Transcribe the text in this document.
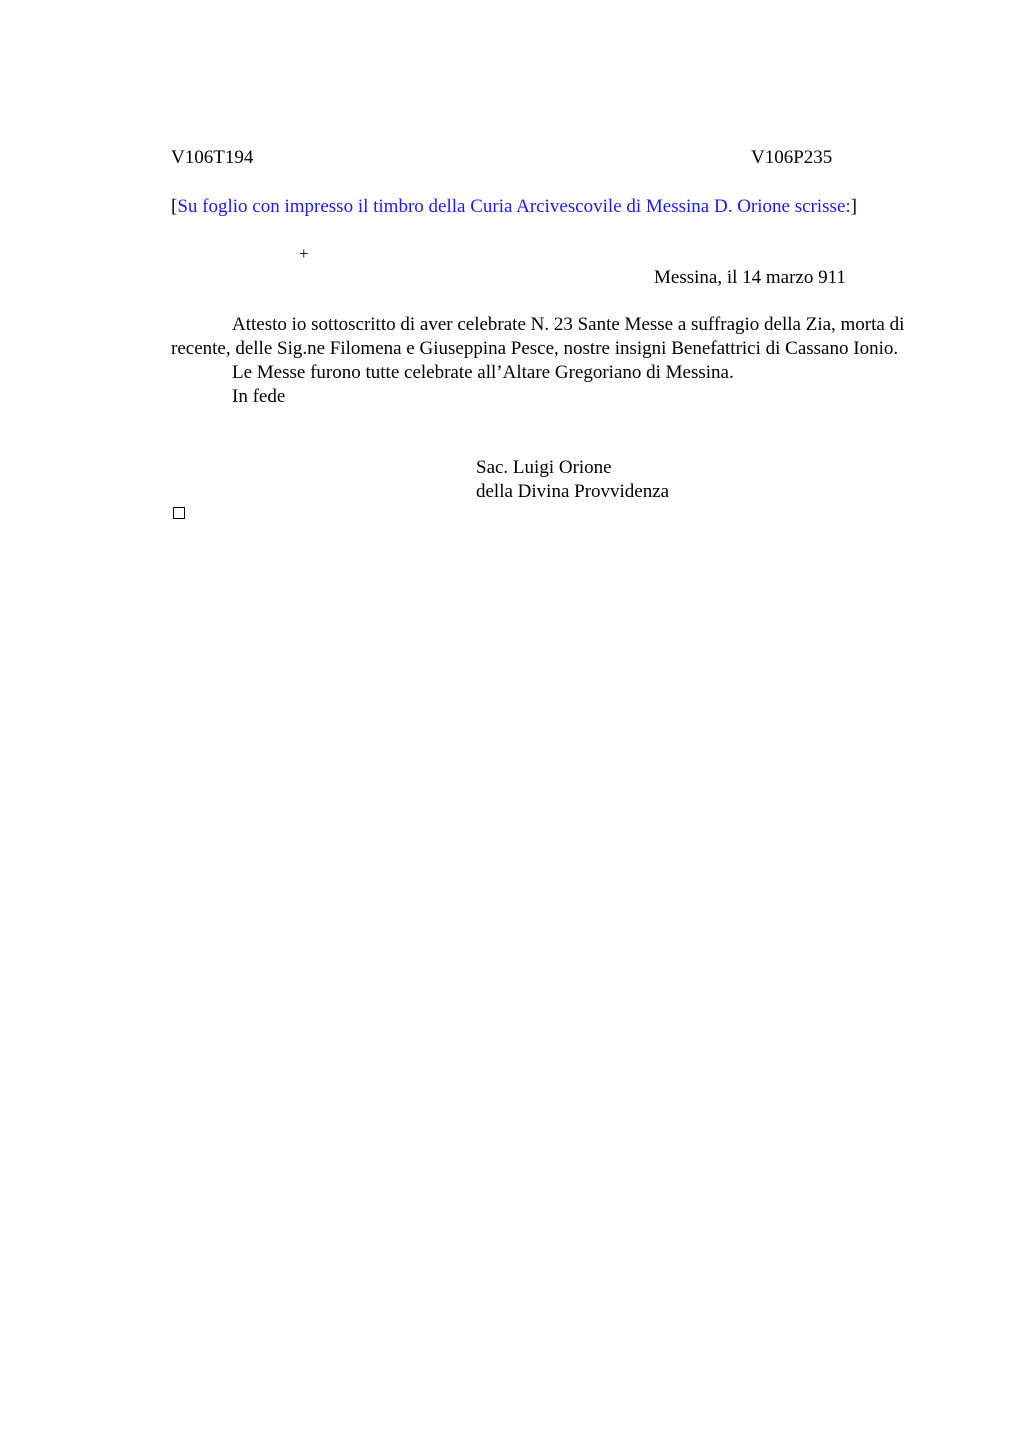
V106T194	V106P235
[Su foglio con impresso il timbro della Curia Arcivescovile di Messina D. Orione scrisse:]
+
Messina, il 14 marzo 911

Attesto io sottoscritto di aver celebrate N. 23 Sante Messe a suffragio della Zia, morta di recente, delle Sig.ne Filomena e Giuseppina Pesce, nostre insigni Benefattrici di Cassano Ionio.

Le Messe furono tutte celebrate all’Altare Gregoriano di Messina.

In fede

Sac. Luigi Orione
della Divina Provvidenza
